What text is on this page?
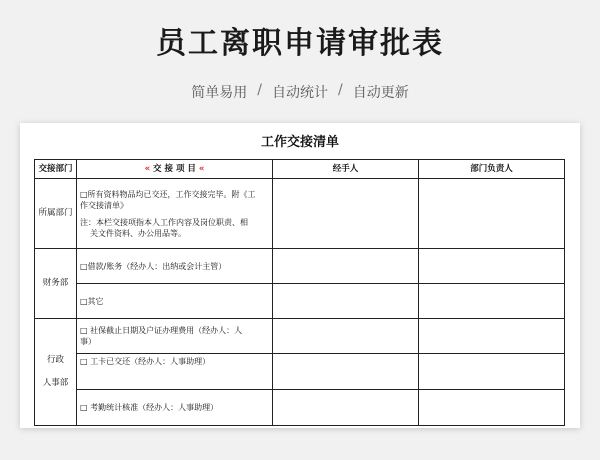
员工离职申请审批表
简单易用 / 自动统计 / 自动更新
工作交接清单
交接部门	« 交 接 项 目 «	经手人	部门负责人
所属部门	□所有资料物品均已交还，工作交接完毕。附《工
作交接清单》
注：本栏交接项指本人工作内容及岗位职责、相
关文件资料、办公用品等。		

财务部	□借款/账务（经办人：出纳或会计主管）		
	□其它		

行政
人事部	□ 社保截止日期及户证办理费用（经办人：人
事）		

	□ 工卡已交还（经办人：人事助理）		
	□ 考勤统计核准（经办人：人事助理）		
